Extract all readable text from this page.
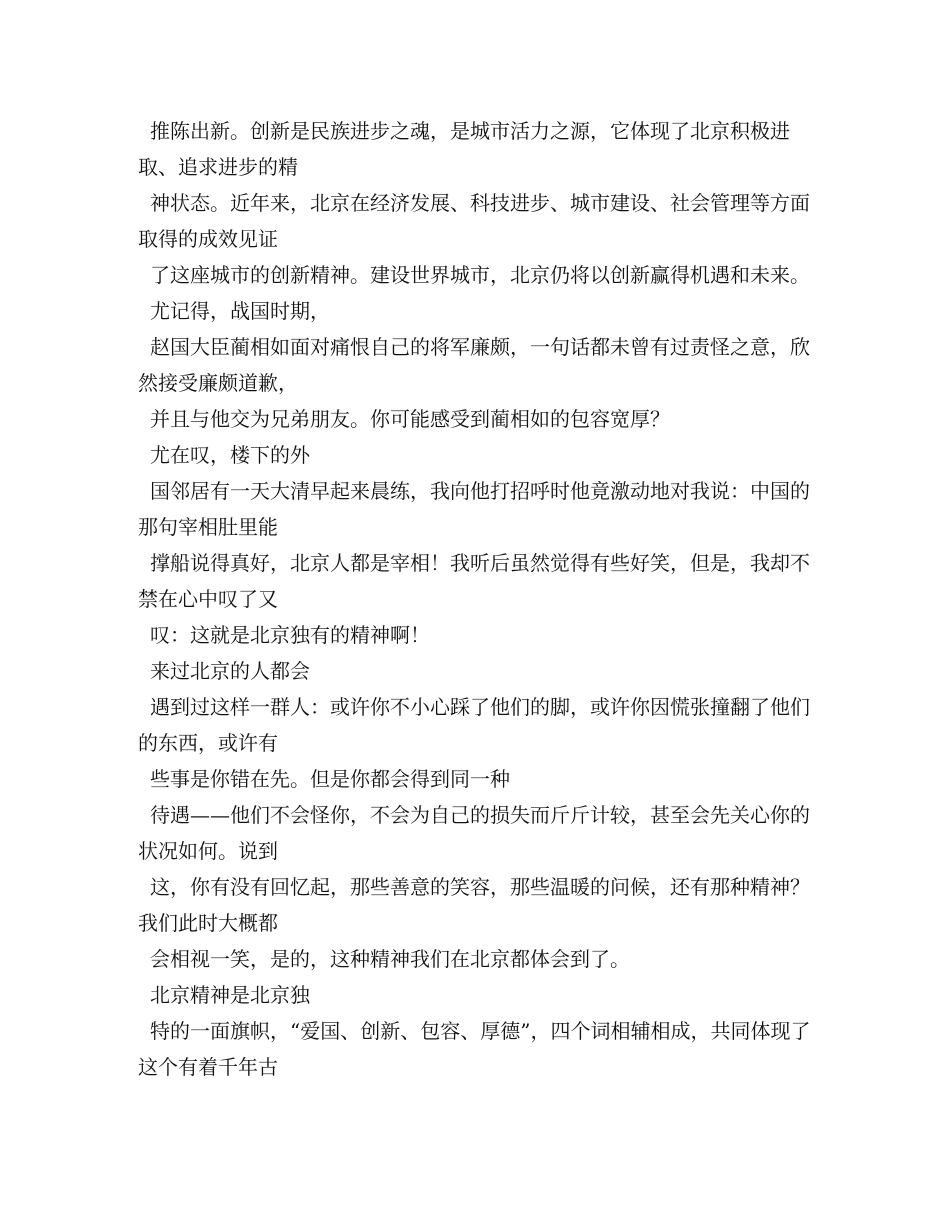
推陈出新。创新是民族进步之魂，是城市活力之源，它体现了北京积极进取、追求进步的精

神状态。近年来，北京在经济发展、科技进步、城市建设、社会管理等方面取得的成效见证

了这座城市的创新精神。建设世界城市，北京仍将以创新赢得机遇和未来。

尤记得，战国时期，

赵国大臣蔺相如面对痛恨自己的将军廉颇，一句话都未曾有过责怪之意，欣然接受廉颇道歉，

并且与他交为兄弟朋友。你可能感受到蔺相如的包容宽厚？

尤在叹，楼下的外

国邻居有一天大清早起来晨练，我向他打招呼时他竟激动地对我说：中国的那句宰相肚里能

撑船说得真好，北京人都是宰相！我听后虽然觉得有些好笑，但是，我却不禁在心中叹了又

叹：这就是北京独有的精神啊！

来过北京的人都会

遇到过这样一群人：或许你不小心踩了他们的脚，或许你因慌张撞翻了他们的东西，或许有

些事是你错在先。但是你都会得到同一种

待遇——他们不会怪你，不会为自己的损失而斤斤计较，甚至会先关心你的状况如何。说到

这，你有没有回忆起，那些善意的笑容，那些温暖的问候，还有那种精神？我们此时大概都

会相视一笑，是的，这种精神我们在北京都体会到了。

北京精神是北京独

特的一面旗帜，“爱国、创新、包容、厚德”，四个词相辅相成，共同体现了这个有着千年古
